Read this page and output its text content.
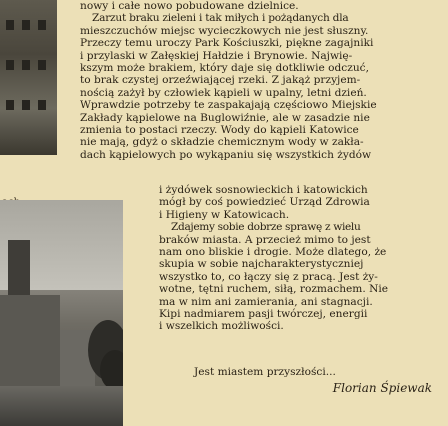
nowy i całe nowo pobudowane dzielnice.
Zarzut braku zieleni i tak miłych i pożądanych dla
mieszczuchów miejsc wycieczkowych nie jest słuszny.
Przeczy temu uroczy Park Kościuszki, piękne zagajniki
i przylaski w Załęskiej Hałdzie i Brynowie. Najwię-
kszym może brakiem, który daje się dotkliwie odczuć,
to brak czystej orzeźwiającej rzeki. Z jakąż przyjem-
nością zażył by człowiek kąpieli w upalny, letni dzień.
Wprawdzie potrzeby te zaspakajają częściowo Miejskie
Zakłady kąpielowe na Buglowiźnie, ale w zasadzie nie
zmienia to postaci rzeczy. Wody do kąpieli Katowice
nie mają, gdyż o składzie chemicznym wody w zakła-
dach kąpielowych po wykąpaniu się wszystkich żydów
i żydówek sosnowieckich i katowickich
mógł by coś powiedzieć Urząd Zdrowia
i Higieny w Katowicach.
Zdajemy sobie dobrze sprawę z wielu
braków miasta. A przecież mimo to jest
nam ono bliskie i drogie. Może dlatego, że
skupia w sobie najcharakterystyczniej
wszystko to, co łączy się z pracą. Jest ży-
wotne, tętni ruchem, siłą, rozmachem. Nie
ma w nim ani zamierania, ani stagnacji.
Kipi nadmiarem pasji twórczej, energii
i wszelkich możliwości.
Jest miastem przyszłości...
Florian Śpiewak
